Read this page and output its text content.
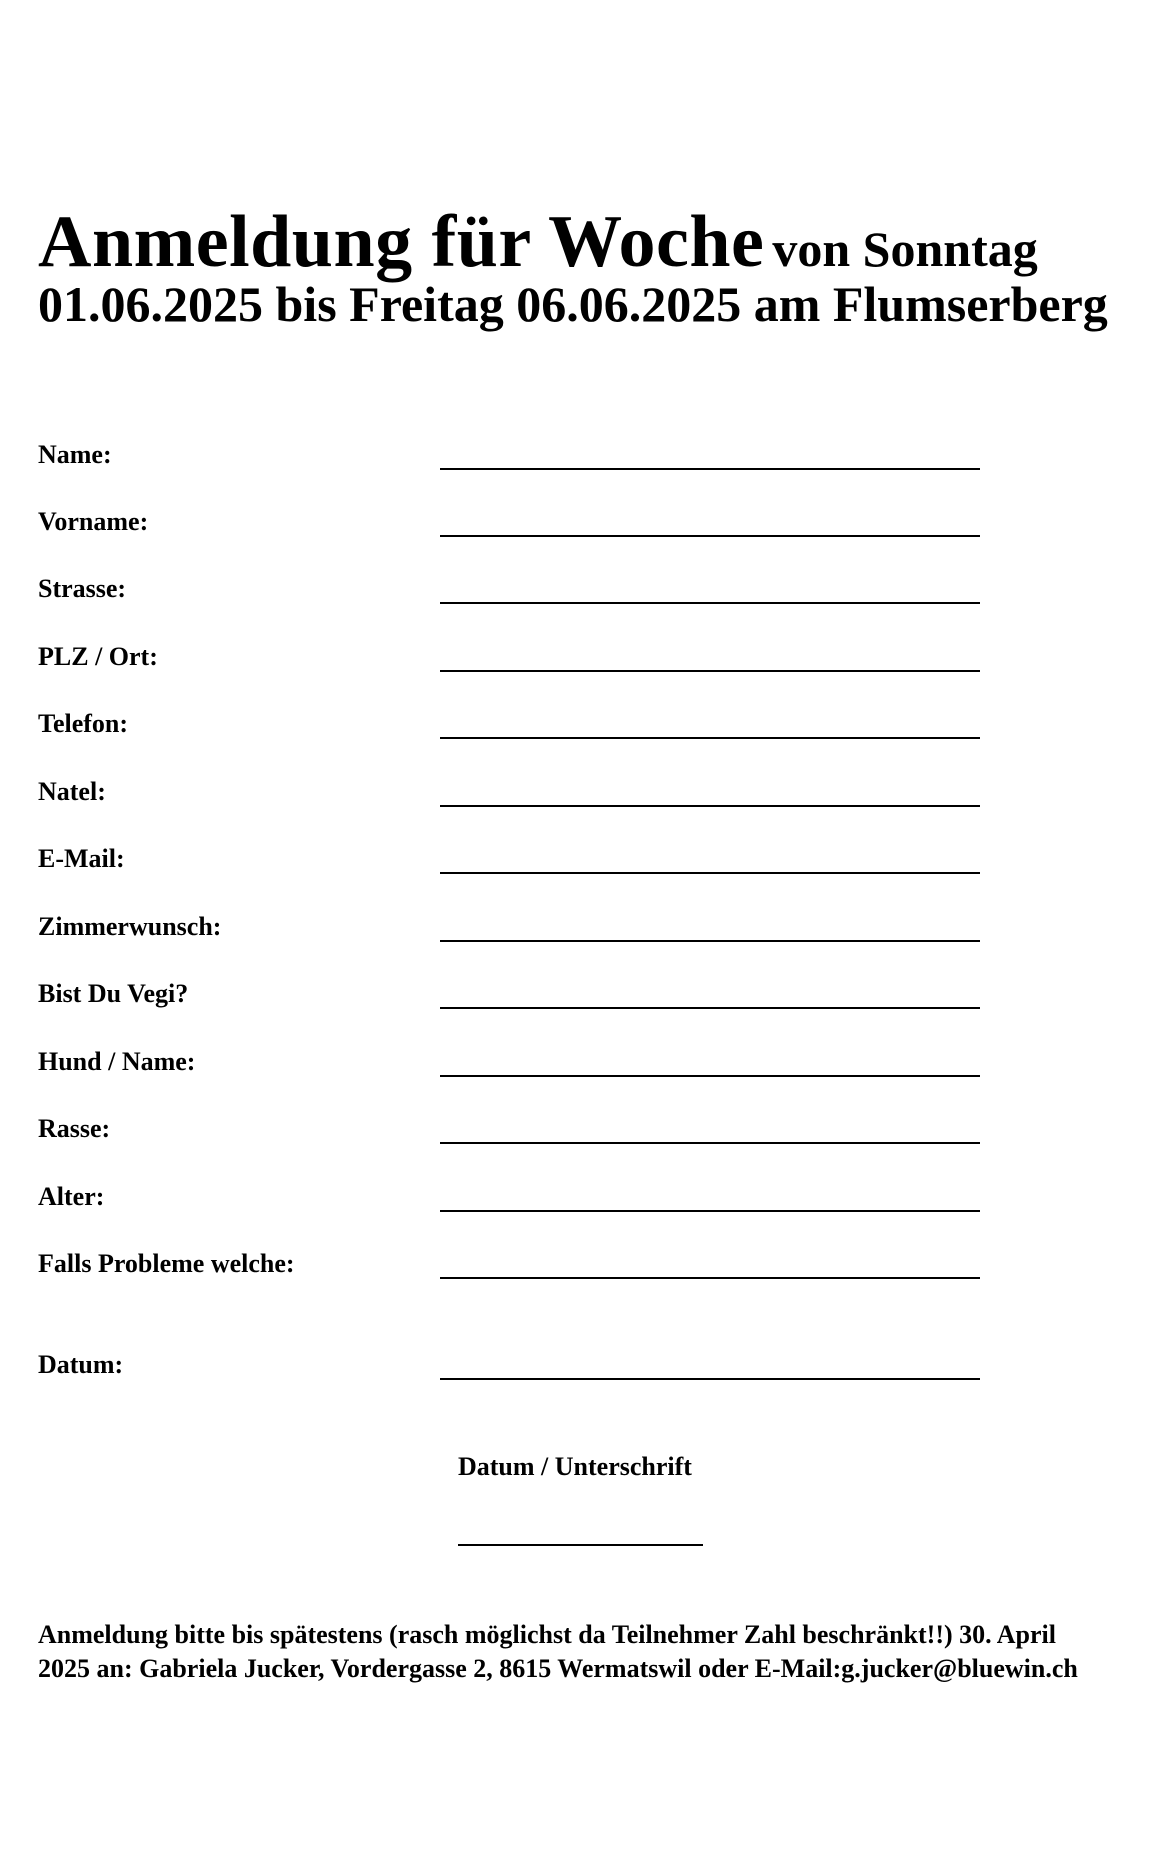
Anmeldung für Woche von Sonntag
01.06.2025 bis Freitag 06.06.2025 am Flumserberg
Name:
Vorname:
Strasse:
PLZ / Ort:
Telefon:
Natel:
E-Mail:
Zimmerwunsch:
Bist Du Vegi?
Hund / Name:
Rasse:
Alter:
Falls Probleme welche:
Datum:
Datum / Unterschrift
Anmeldung bitte bis spätestens (rasch möglichst da Teilnehmer Zahl beschränkt!!) 30. April
2025 an: Gabriela Jucker, Vordergasse 2, 8615 Wermatswil oder E-Mail:g.jucker@bluewin.ch
